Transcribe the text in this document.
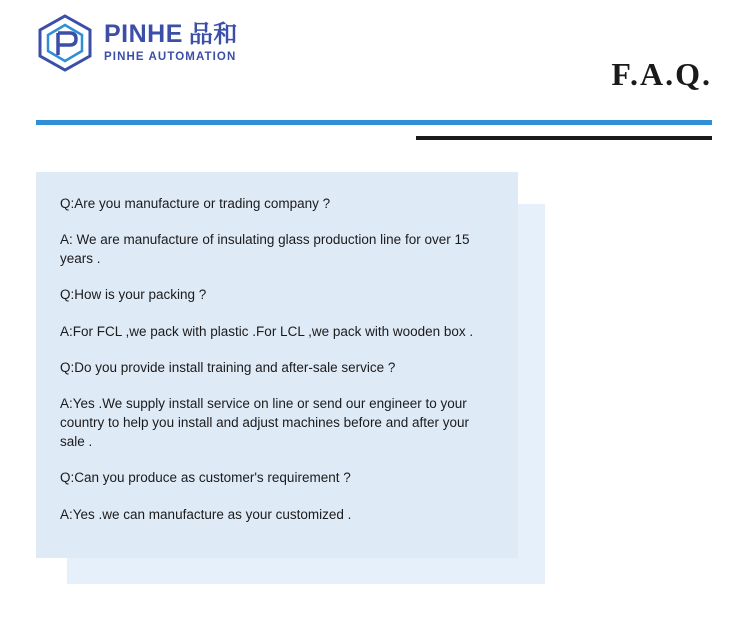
PINHE 品和
PINHE AUTOMATION	F.A.Q.
Q:Are you manufacture or trading company ?
A: We are manufacture of insulating glass production line for over 15 years .
Q:How is your packing ?
A:For FCL ,we pack with plastic .For LCL ,we pack with wooden box .
Q:Do you provide install training and after-sale service ?
A:Yes .We supply install service on line or send our engineer to your country to help you install and adjust machines before and after your sale .
Q:Can you produce as customer's requirement ?
A:Yes .we can manufacture as your customized .
